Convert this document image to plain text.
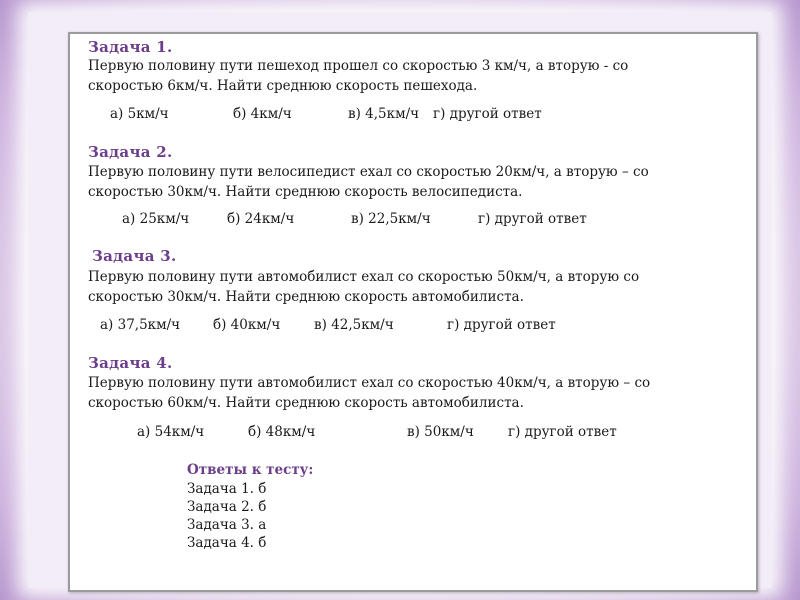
Задача 1.
Первую половину пути пешеход прошел со скоростью 3 км/ч, а вторую - со
скоростью 6км/ч. Найти среднюю скорость пешехода.
а) 5км/ч	б) 4км/ч	в) 4,5км/ч г) другой ответ
Задача 2.
Первую половину пути велосипедист ехал со скоростью 20км/ч, а вторую – со
скоростью 30км/ч. Найти среднюю скорость велосипедиста.
а) 25км/ч	б) 24км/ч	в) 22,5км/ч	г) другой ответ
Задача 3.
Первую половину пути автомобилист ехал со скоростью 50км/ч, а вторую со
скоростью 30км/ч. Найти среднюю скорость автомобилиста.
а) 37,5км/ч б) 40км/ч в) 42,5км/ч	г) другой ответ
Задача 4.
Первую половину пути автомобилист ехал со скоростью 40км/ч, а вторую – со
скоростью 60км/ч. Найти среднюю скорость автомобилиста.
а) 54км/ч	б) 48км/ч	в) 50км/ч	г) другой ответ
Ответы к тесту:
Задача 1. б
Задача 2. б
Задача 3. а
Задача 4. б
